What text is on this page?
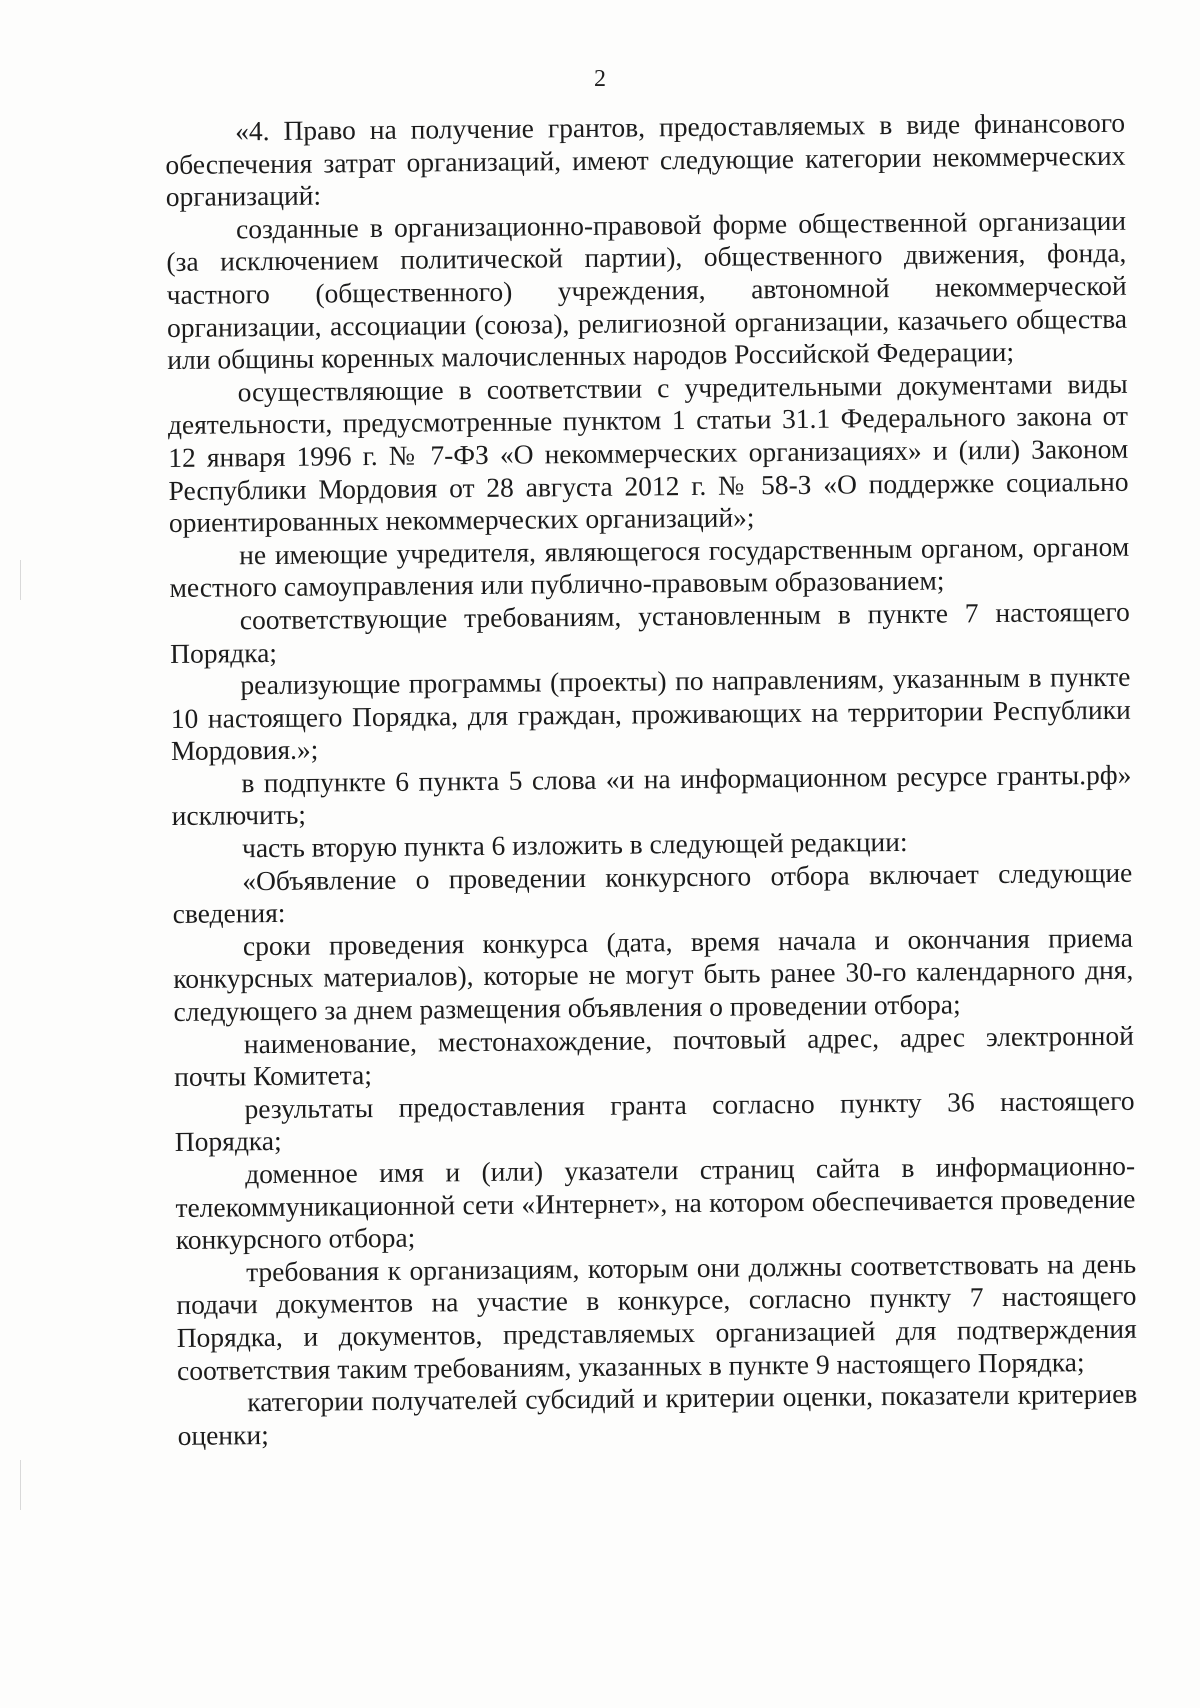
2

«4. Право на получение грантов, предоставляемых в виде финансового обеспечения затрат организаций, имеют следующие категории некоммерческих организаций:

созданные в организационно-правовой форме общественной организации (за исключением политической партии), общественного движения, фонда, частного (общественного) учреждения, автономной некоммерческой организации, ассоциации (союза), религиозной организации, казачьего общества или общины коренных малочисленных народов Российской Федерации;

осуществляющие в соответствии с учредительными документами виды деятельности, предусмотренные пунктом 1 статьи 31.1 Федерального закона от 12 января 1996 г. № 7-ФЗ «О некоммерческих организациях» и (или) Законом Республики Мордовия от 28 августа 2012 г. № 58-З «О поддержке социально ориентированных некоммерческих организаций»;

не имеющие учредителя, являющегося государственным органом, органом местного самоуправления или публично-правовым образованием;

соответствующие требованиям, установленным в пункте 7 настоящего Порядка;

реализующие программы (проекты) по направлениям, указанным в пункте 10 настоящего Порядка, для граждан, проживающих на территории Республики Мордовия.»;

в подпункте 6 пункта 5 слова «и на информационном ресурсе гранты.рф» исключить;

часть вторую пункта 6 изложить в следующей редакции:

«Объявление о проведении конкурсного отбора включает следующие сведения:

сроки проведения конкурса (дата, время начала и окончания приема конкурсных материалов), которые не могут быть ранее 30-го календарного дня, следующего за днем размещения объявления о проведении отбора;

наименование, местонахождение, почтовый адрес, адрес электронной почты Комитета;

результаты предоставления гранта согласно пункту 36 настоящего Порядка;

доменное имя и (или) указатели страниц сайта в информационно-телекоммуникационной сети «Интернет», на котором обеспечивается проведение конкурсного отбора;

требования к организациям, которым они должны соответствовать на день подачи документов на участие в конкурсе, согласно пункту 7 настоящего Порядка, и документов, представляемых организацией для подтверждения соответствия таким требованиям, указанных в пункте 9 настоящего Порядка;

категории получателей субсидий и критерии оценки, показатели критериев оценки;
